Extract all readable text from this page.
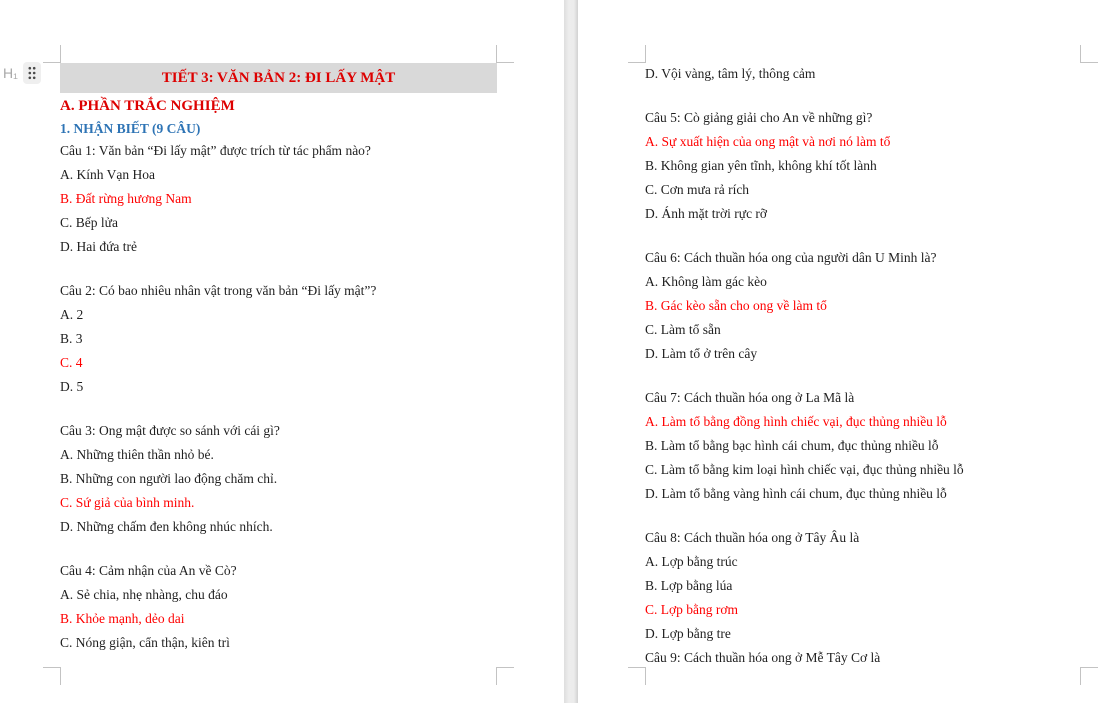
H₁	TIẾT 3: VĂN BẢN 2: ĐI LẤY MẬT
A. PHẦN TRẮC NGHIỆM
1. NHẬN BIẾT (9 CÂU)
Câu 1: Văn bản “Đi lấy mật” được trích từ tác phẩm nào?
A. Kính Vạn Hoa
B. Đất rừng hương Nam
C. Bếp lửa
D. Hai đứa trẻ
Câu 2: Có bao nhiêu nhân vật trong văn bản “Đi lấy mật”?
A. 2
B. 3
C. 4
D. 5
Câu 3: Ong mật được so sánh với cái gì?
A. Những thiên thần nhỏ bé.
B. Những con người lao động chăm chỉ.
C. Sứ giả của bình minh.
D. Những chấm đen không nhúc nhích.
Câu 4: Cảm nhận của An về Cò?
A. Sẻ chia, nhẹ nhàng, chu đáo
B. Khỏe mạnh, dẻo dai
C. Nóng giận, cẩn thận, kiên trì
D. Vội vàng, tâm lý, thông cảm
Câu 5: Cò giảng giải cho An về những gì?
A. Sự xuất hiện của ong mật và nơi nó làm tổ
B. Không gian yên tĩnh, không khí tốt lành
C. Cơn mưa rả rích
D. Ánh mặt trời rực rỡ
Câu 6: Cách thuần hóa ong của người dân U Minh là?
A. Không làm gác kèo
B. Gác kèo sẵn cho ong về làm tổ
C. Làm tổ sẵn
D. Làm tổ ở trên cây
Câu 7: Cách thuần hóa ong ở La Mã là
A. Làm tổ bằng đồng hình chiếc vại, đục thủng nhiều lỗ
B. Làm tổ bằng bạc hình cái chum, đục thủng nhiều lỗ
C. Làm tổ bằng kim loại hình chiếc vại, đục thủng nhiều lỗ
D. Làm tổ bằng vàng hình cái chum, đục thủng nhiều lỗ
Câu 8: Cách thuần hóa ong ở Tây Âu là
A. Lợp bằng trúc
B. Lợp bằng lúa
C. Lợp bằng rơm
D. Lợp bằng tre
Câu 9: Cách thuần hóa ong ở Mễ Tây Cơ là
